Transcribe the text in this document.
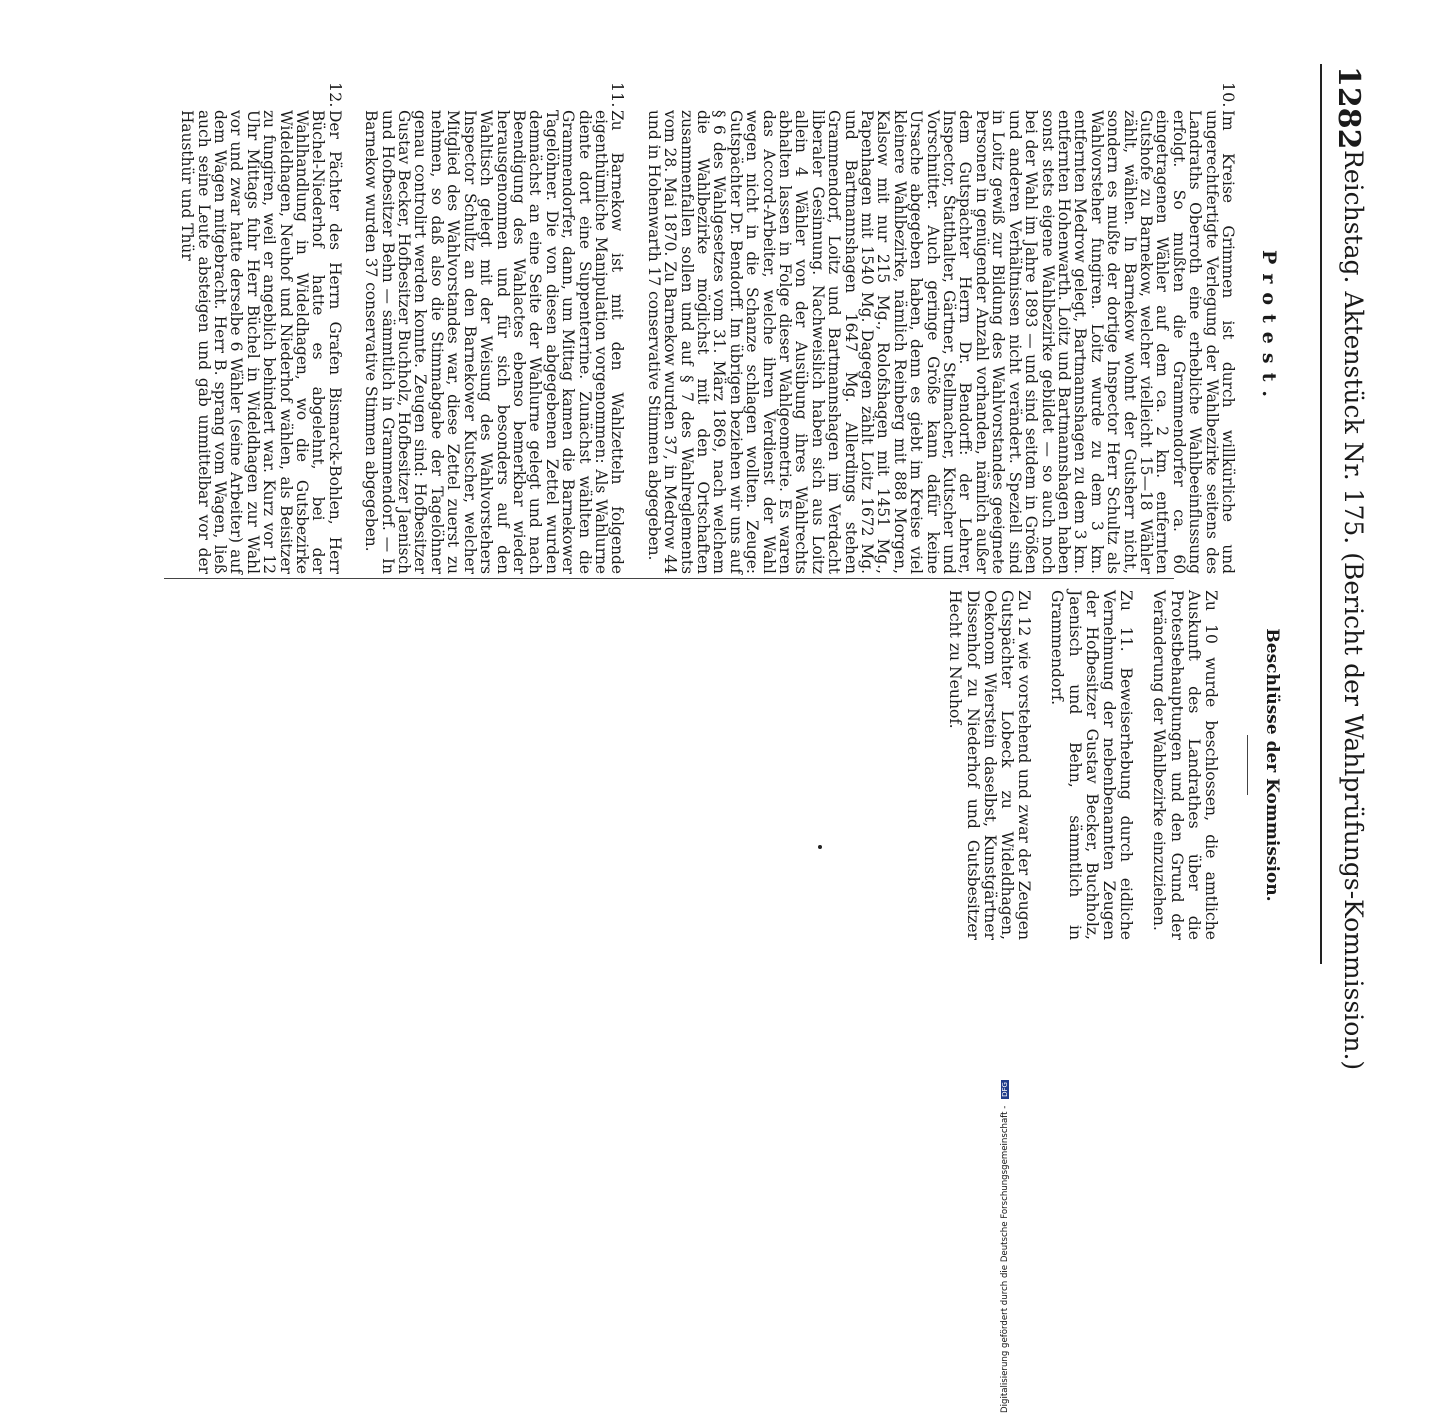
1282
Reichstag. Aktenstück Nr. 175. (Bericht der Wahlprüfungs-Kommission.)
Protest.
10.
Im Kreise Grimmen ist durch willkürliche und ungerechtfertigte Verlegung der Wahlbezirke seitens des Landraths Oberroth eine erhebliche Wahlbeeinflussung erfolgt. So mußten die Grammendorfer ca. 60 eingetragenen Wähler auf dem ca. 2 km. entfernten Gutshofe zu Barnekow, welcher vielleicht 15—18 Wähler zählt, wählen. In Barnekow wohnt der Gutsherr nicht, sondern es mußte der dortige Inspector Herr Schultz als Wahlvorsteher fungiren. Loitz wurde zu dem 3 km. entfernten Medrow gelegt, Bartmannshagen zu dem 3 km. entfernten Hohenwarth. Loitz und Bartmannshagen haben sonst stets eigene Wahlbezirke gebildet — so auch noch bei der Wahl im Jahre 1893 — und sind seitdem in Größen und anderen Verhältnissen nicht verändert. Speziell sind in Loitz gewiß zur Bildung des Wahlvorstandes geeignete Personen in genügender Anzahl vorhanden, nämlich außer dem Gutspächter Herrn Dr. Bendorff: der Lehrer, Inspector, Statthalter, Gärtner, Stellmacher, Kutscher und Vorschnitter. Auch geringe Größe kann dafür keine Ursache abgegeben haben, denn es giebt im Kreise viel kleinere Wahlbezirke, nämlich Reinberg mit 888 Morgen, Kalsow mit nur 215 Mg., Rolofshagen mit 1451 Mg., Papenhagen mit 1540 Mg. Dagegen zählt Loitz 1672 Mg. und Bartmannshagen 1647 Mg. Allerdings stehen Grammendorf, Loitz und Bartmannshagen im Verdacht liberaler Gesinnung. Nachweislich haben sich aus Loitz allein 4 Wähler von der Ausübung ihres Wahlrechts abhalten lassen in Folge dieser Wahlgeometrie. Es waren das Accord-Arbeiter, welche ihren Verdienst der Wahl wegen nicht in die Schanze schlagen wollten. Zeuge: Gutspächter Dr. Bendorff. Im übrigen beziehen wir uns auf § 6 des Wahlgesetzes vom 31. März 1869, nach welchem die Wahlbezirke möglichst mit den Ortschaften zusammenfallen sollen und auf § 7 des Wahlreglements vom 28. Mai 1870. Zu Barnekow wurden 37, in Medrow 44 und in Hohenwarth 17 conservative Stimmen abgegeben.
11.
Zu Barnekow ist mit den Wahlzetteln folgende eigenthümliche Manipulation vorgenommen: Als Wahlurne diente dort eine Suppenterrine. Zunächst wählten die Grammendorfer, dann, um Mittag kamen die Barnekower Tagelöhner. Die von diesen abgegebenen Zettel wurden demnächst an eine Seite der Wahlurne gelegt und nach Beendigung des Wahlactes ebenso bemerkbar wieder herausgenommen und für sich besonders auf den Wahltisch gelegt mit der Weisung des Wahlvorstehers Inspector Schultz an den Barnekower Kutscher, welcher Mitglied des Wahlvorstandes war, diese Zettel zuerst zu nehmen, so daß also die Stimmabgabe der Tagelöhner genau controlirt werden konnte. Zeugen sind: Hofbesitzer Gustav Becker, Hofbesitzer Buchholz, Hofbesitzer Jaenisch und Hofbesitzer Behn — sämmtlich in Grammendorf. — In Barnekow wurden 37 conservative Stimmen abgegeben.
12.
Der Pächter des Herrn Grafen Bismarck-Bohlen, Herr Büchel-Niederhof hatte es abgelehnt, bei der Wahlhandlung in Wideldhagen, wo die Gutsbezirke Wideldhagen, Neuhof und Niederhof wählen, als Beisitzer zu fungiren, weil er angeblich behindert war. Kurz vor 12 Uhr Mittags fuhr Herr Büchel in Wideldhagen zur Wahl vor und zwar hatte derselbe 6 Wähler (seine Arbeiter) auf dem Wagen mitgebracht. Herr B. sprang vom Wagen, ließ auch seine Leute absteigen und gab unmittelbar vor der Hausthür und Thür
Beschlüsse der Kommission.
Zu 10 wurde beschlossen, die amtliche Auskunft des Landrathes über die Protestbehauptungen und den Grund der Veränderung der Wahlbezirke einzuziehen.
Zu 11. Beweiserhebung durch eidliche Vernehmung der nebenbenannten Zeugen der Hofbesitzer Gustav Becker, Buchholz, Jaenisch und Behn, sämmtlich in Grammendorf.
Zu 12 wie vorstehend und zwar der Zeugen Gutspächter Lobeck zu Wideldhagen, Oekonom Wierstein daselbst, Kunstgärtner Dissenhof zu Niederhof und Gutsbesitzer Hecht zu Neuhof.
Digitalisierung gefördert durch die Deutsche Forschungsgemeinschaft - DFG
